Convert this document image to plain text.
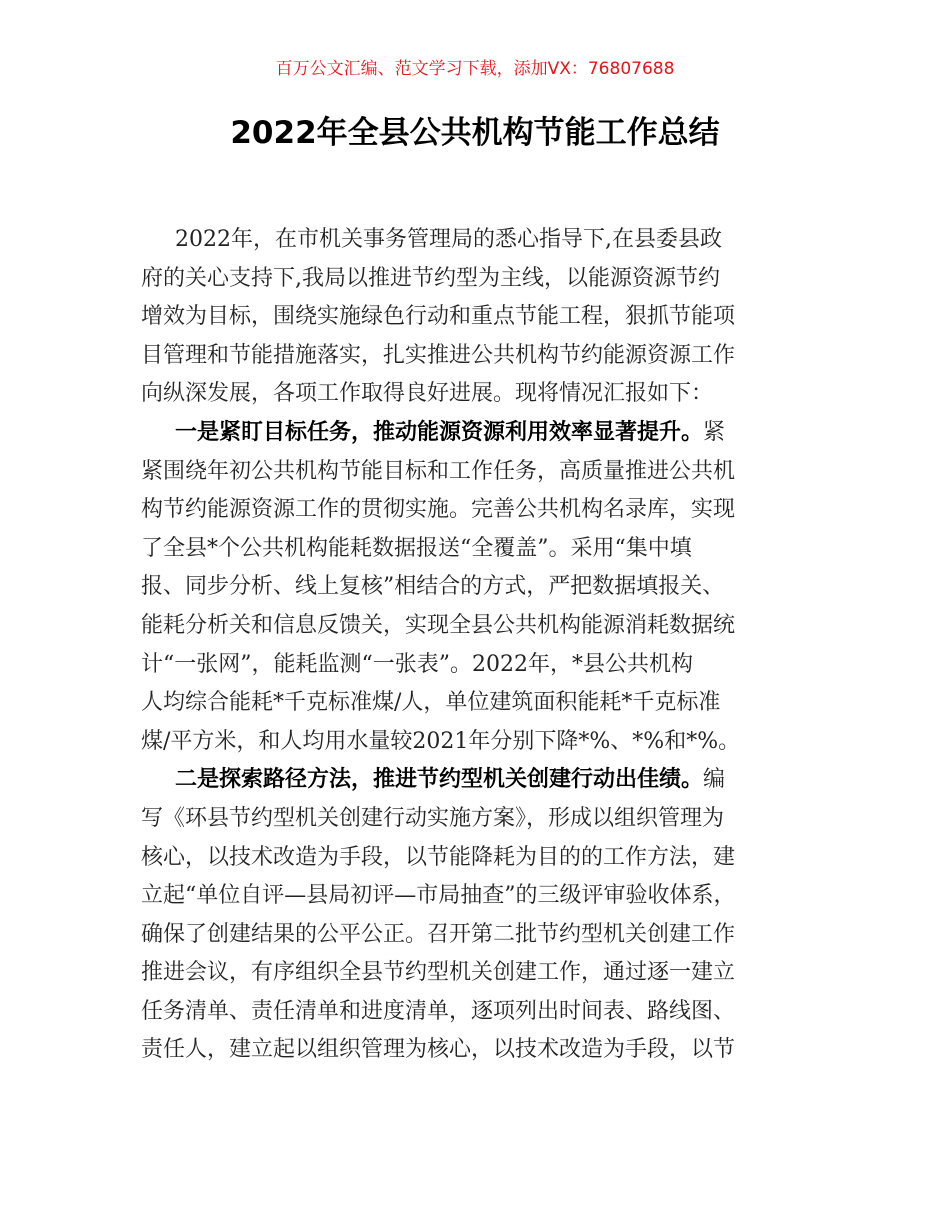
百万公文汇编、范文学习下载，添加VX：76807688
2022年全县公共机构节能工作总结
2022年，在市机关事务管理局的悉心指导下,在县委县政
府的关心支持下,我局以推进节约型为主线，以能源资源节约
增效为目标，围绕实施绿色行动和重点节能工程，狠抓节能项
目管理和节能措施落实，扎实推进公共机构节约能源资源工作
向纵深发展，各项工作取得良好进展。现将情况汇报如下：
一是紧盯目标任务，推动能源资源利用效率显著提升。紧
紧围绕年初公共机构节能目标和工作任务，高质量推进公共机
构节约能源资源工作的贯彻实施。完善公共机构名录库，实现
了全县*个公共机构能耗数据报送“全覆盖”。采用“集中填
报、同步分析、线上复核”相结合的方式，严把数据填报关、
能耗分析关和信息反馈关，实现全县公共机构能源消耗数据统
计“一张网”，能耗监测“一张表”。2022年，*县公共机构
人均综合能耗*千克标准煤/人，单位建筑面积能耗*千克标准
煤/平方米，和人均用水量较2021年分别下降*%、*%和*%。
二是探索路径方法，推进节约型机关创建行动出佳绩。编
写《环县节约型机关创建行动实施方案》，形成以组织管理为
核心，以技术改造为手段，以节能降耗为目的的工作方法，建
立起“单位自评—县局初评—市局抽查”的三级评审验收体系，
确保了创建结果的公平公正。召开第二批节约型机关创建工作
推进会议，有序组织全县节约型机关创建工作，通过逐一建立
任务清单、责任清单和进度清单，逐项列出时间表、路线图、
责任人，建立起以组织管理为核心，以技术改造为手段，以节
